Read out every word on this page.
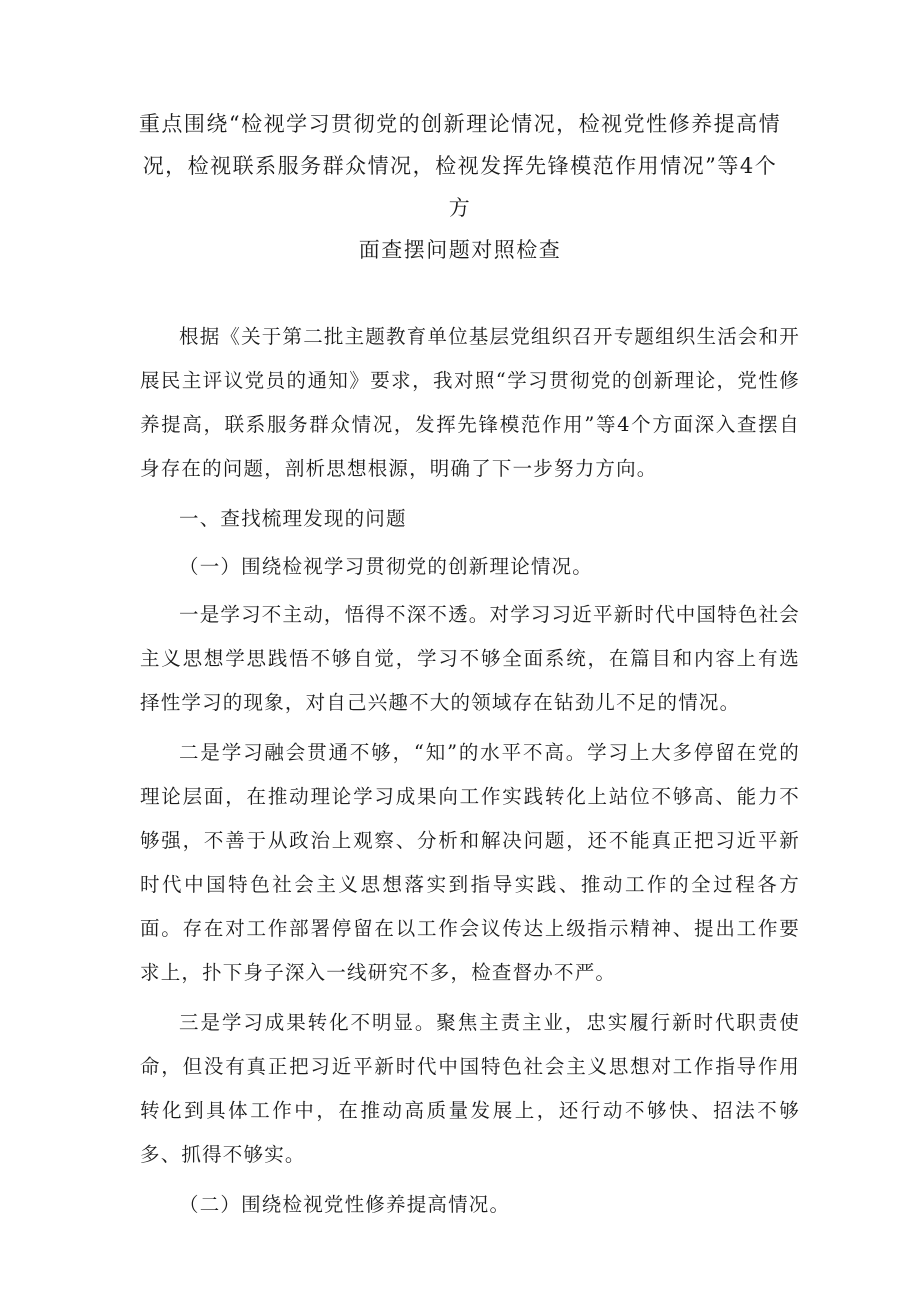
重点围绕“检视学习贯彻党的创新理论情况，检视党性修养提高情
况，检视联系服务群众情况，检视发挥先锋模范作用情况”等4个
方
面查摆问题对照检查

根据《关于第二批主题教育单位基层党组织召开专题组织生活会和开展民主评议党员的通知》要求，我对照“学习贯彻党的创新理论，党性修养提高，联系服务群众情况，发挥先锋模范作用”等4个方面深入查摆自身存在的问题，剖析思想根源，明确了下一步努力方向。

一、查找梳理发现的问题

（一）围绕检视学习贯彻党的创新理论情况。

一是学习不主动，悟得不深不透。对学习习近平新时代中国特色社会主义思想学思践悟不够自觉，学习不够全面系统，在篇目和内容上有选择性学习的现象，对自己兴趣不大的领域存在钻劲儿不足的情况。

二是学习融会贯通不够，“知”的水平不高。学习上大多停留在党的理论层面，在推动理论学习成果向工作实践转化上站位不够高、能力不够强，不善于从政治上观察、分析和解决问题，还不能真正把习近平新时代中国特色社会主义思想落实到指导实践、推动工作的全过程各方面。存在对工作部署停留在以工作会议传达上级指示精神、提出工作要求上，扑下身子深入一线研究不多，检查督办不严。

三是学习成果转化不明显。聚焦主责主业，忠实履行新时代职责使命，但没有真正把习近平新时代中国特色社会主义思想对工作指导作用转化到具体工作中，在推动高质量发展上，还行动不够快、招法不够多、抓得不够实。

（二）围绕检视党性修养提高情况。
